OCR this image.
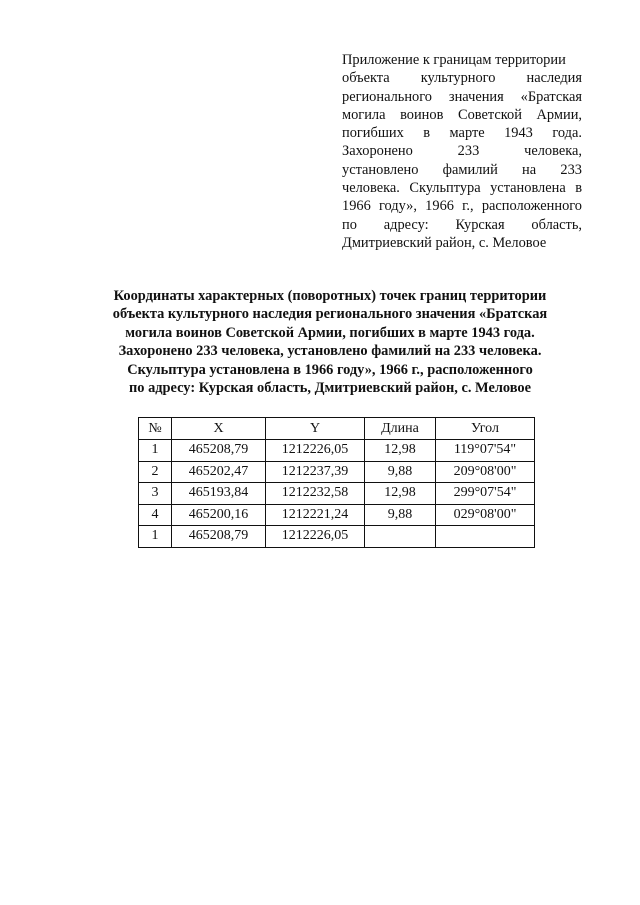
Приложение к границам территории
объекта культурного наследия
регионального значения «Братская
могила воинов Советской Армии,
погибших в марте 1943 года.
Захоронено 233 человека,
установлено фамилий на 233
человека. Скульптура установлена в
1966 году», 1966 г., расположенного
по адресу: Курская область,
Дмитриевский район, с. Меловое
Координаты характерных (поворотных) точек границ территории
объекта культурного наследия регионального значения «Братская
могила воинов Советской Армии, погибших в марте 1943 года.
Захоронено 233 человека, установлено фамилий на 233 человека.
Скульптура установлена в 1966 году», 1966 г., расположенного
по адресу: Курская область, Дмитриевский район, с. Меловое
№	X	Y	Длина	Угол
1	465208,79	1212226,05	12,98	119°07'54"
2	465202,47	1212237,39	9,88	209°08'00"
3	465193,84	1212232,58	12,98	299°07'54"
4	465200,16	1212221,24	9,88	029°08'00"
1	465208,79	1212226,05		
